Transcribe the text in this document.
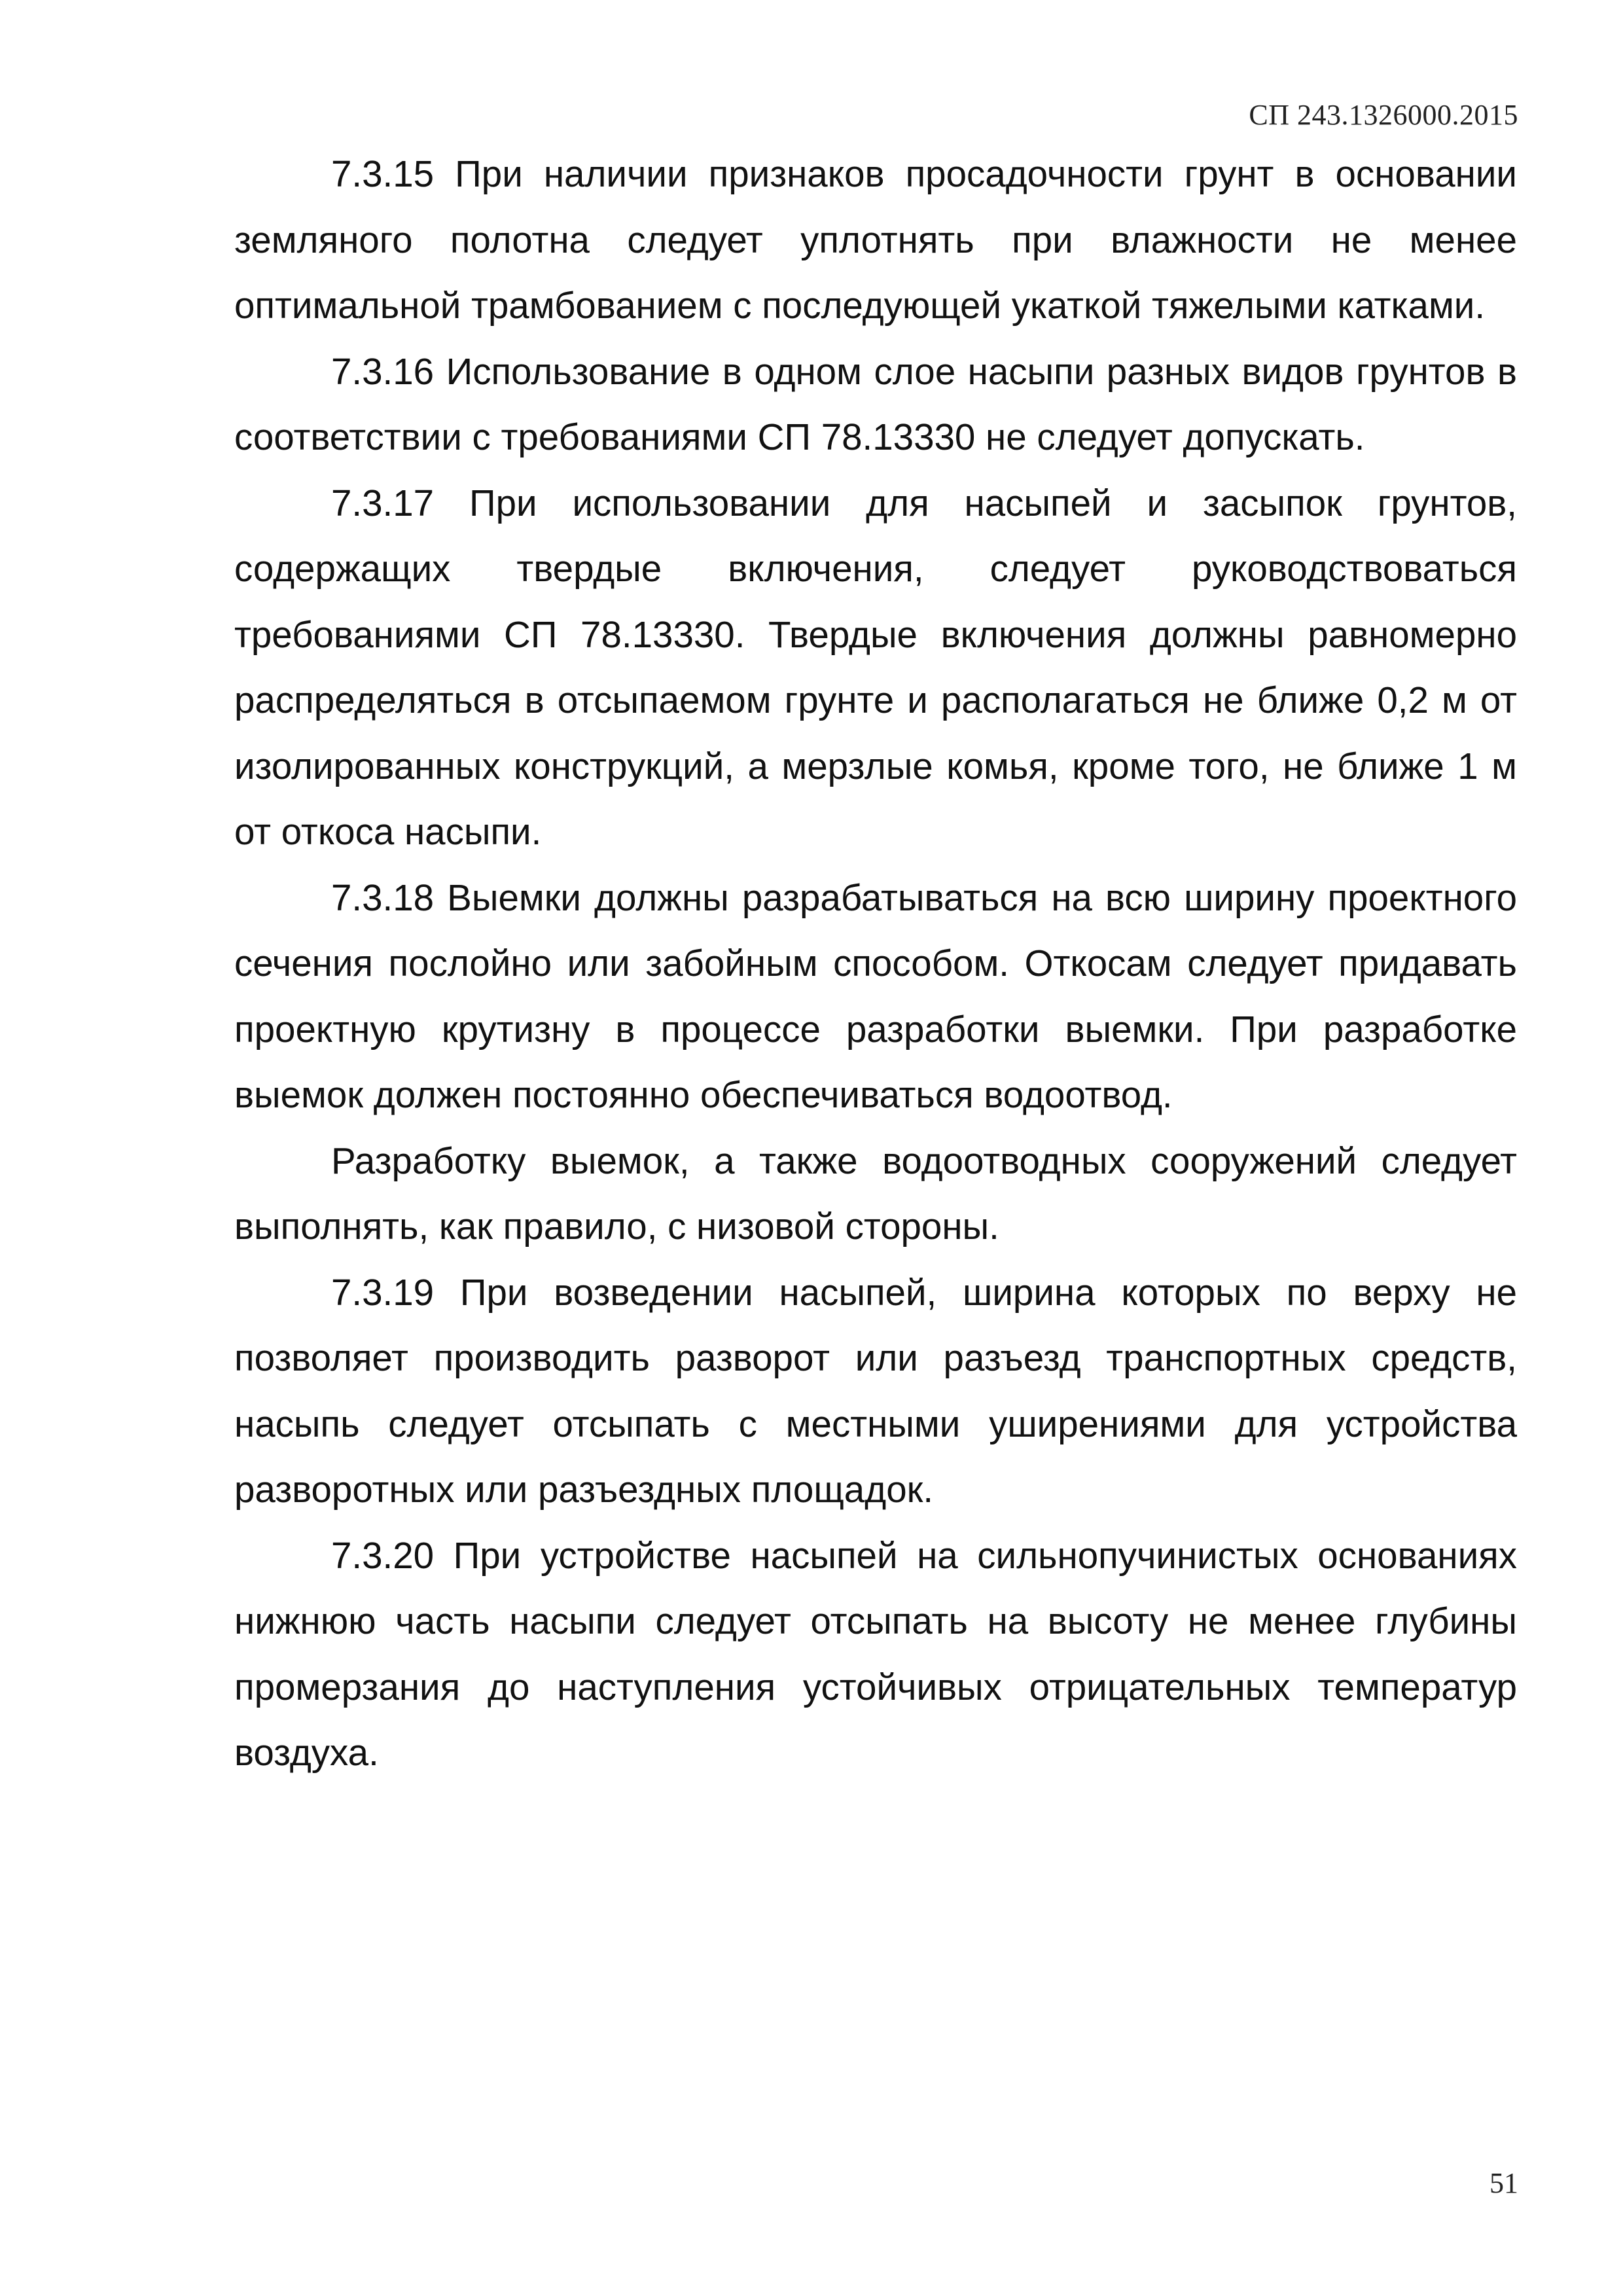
СП 243.1326000.2015

7.3.15 При наличии признаков просадочности грунт в основании земляного полотна следует уплотнять при влажности не менее оптимальной трамбованием с последующей укаткой тяжелыми катками.

7.3.16 Использование в одном слое насыпи разных видов грунтов в соответствии с требованиями СП 78.13330 не следует допускать.

7.3.17 При использовании для насыпей и засыпок грунтов, содержащих твердые включения, следует руководствоваться требованиями СП 78.13330. Твердые включения должны равномерно распределяться в отсыпаемом грунте и располагаться не ближе 0,2 м от изолированных конструкций, а мерзлые комья, кроме того, не ближе 1 м от откоса насыпи.

7.3.18 Выемки должны разрабатываться на всю ширину проектного сечения послойно или забойным способом. Откосам следует придавать проектную крутизну в процессе разработки выемки. При разработке выемок должен постоянно обеспечиваться водоотвод.

Разработку выемок, а также водоотводных сооружений следует выполнять, как правило, с низовой стороны.

7.3.19 При возведении насыпей, ширина которых по верху не позволяет производить разворот или разъезд транспортных средств, насыпь следует отсыпать с местными уширениями для устройства разворотных или разъездных площадок.

7.3.20 При устройстве насыпей на сильнопучинистых основаниях нижнюю часть насыпи следует отсыпать на высоту не менее глубины промерзания до наступления устойчивых отрицательных температур воздуха.

51
